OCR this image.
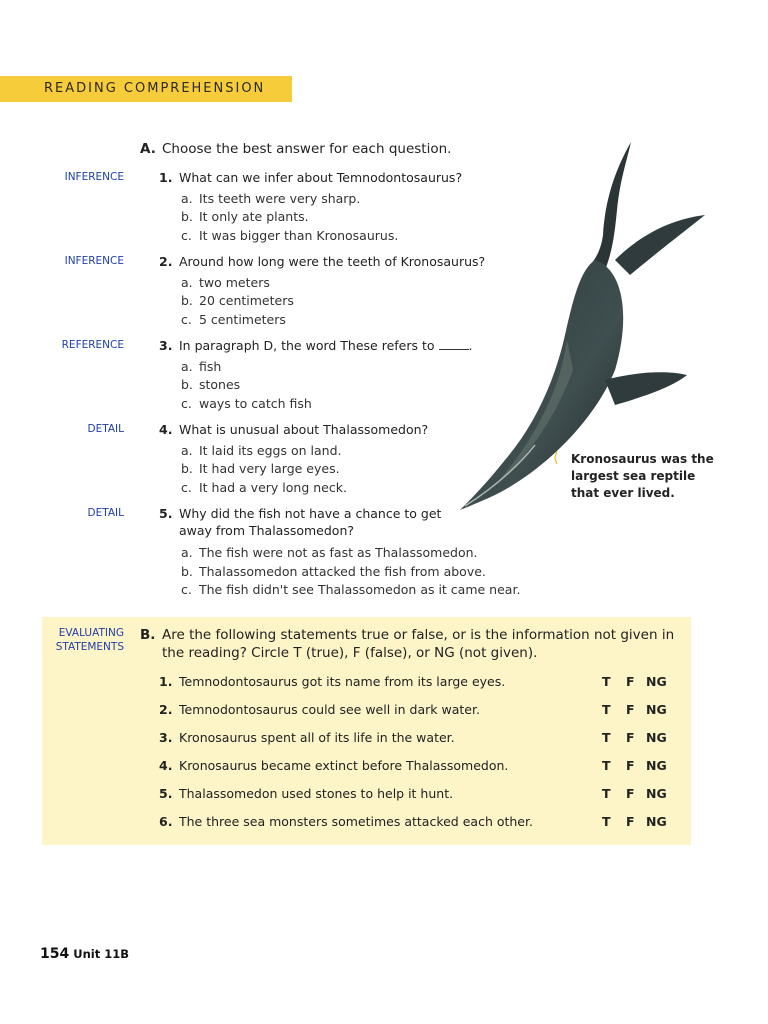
READING COMPREHENSION
A. Choose the best answer for each question.
INFERENCE	1. What can we infer about Temnodontosaurus?
a. Its teeth were very sharp.
b. It only ate plants.
c. It was bigger than Kronosaurus.
INFERENCE	2. Around how long were the teeth of Kronosaurus?
a. two meters
b. 20 centimeters
c. 5 centimeters
REFERENCE	3. In paragraph D, the word These refers to	.
a. fish
b. stones
c. ways to catch fish
DETAIL	4. What is unusual about Thalassomedon?
a. It laid its eggs on land.
b. It had very large eyes.
c. It had a very long neck.
DETAIL	5. Why did the fish not have a chance to get
away from Thalassomedon?
a. The fish were not as fast as Thalassomedon.
b. Thalassomedon attacked the fish from above.
c. The fish didn't see Thalassomedon as it came near.
⟨ Kronosaurus was the largest sea reptile that ever lived.
EVALUATING
STATEMENTS
B. Are the following statements true or false, or is the information not given in
the reading? Circle T (true), F (false), or NG (not given).
1. Temnodontosaurus got its name from its large eyes.	T F NG
2. Temnodontosaurus could see well in dark water.	T F NG
3. Kronosaurus spent all of its life in the water.	T F NG
4. Kronosaurus became extinct before Thalassomedon.	T F NG
5. Thalassomedon used stones to help it hunt.	T F NG
6. The three sea monsters sometimes attacked each other.	T F NG
154 Unit 11B
